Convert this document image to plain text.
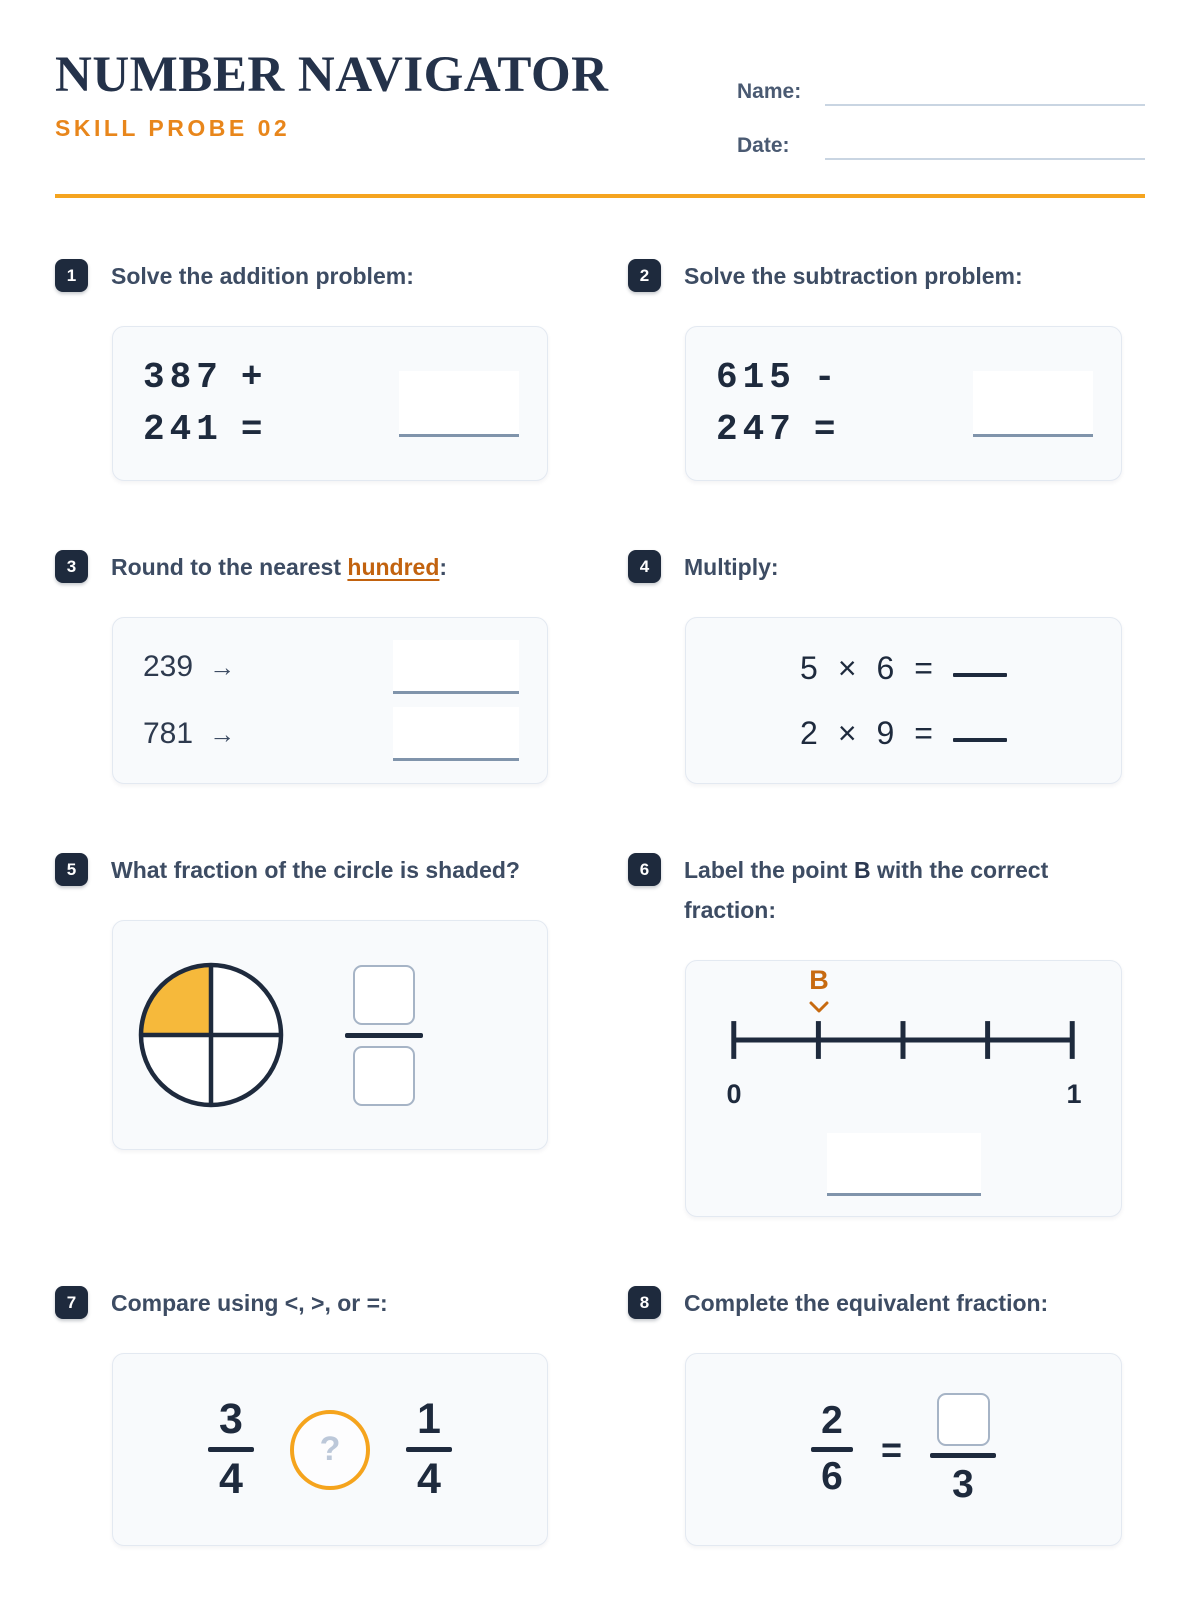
NUMBER NAVIGATOR
SKILL PROBE 02
Name:
Date:
1	Solve the addition problem:
387 +
241 =
2	Solve the subtraction problem:
615 -
247 =
3	Round to the nearest hundred:
239 →
781 →
4	Multiply:
5 × 6 =
2 × 9 =
5	What fraction of the circle is shaded?	6	Label the point B with the correct fraction:
B
0	1
7	Compare using <, >, or =:
3
4
?
1
4
8	Complete the equivalent fraction:
2
6
=
3
